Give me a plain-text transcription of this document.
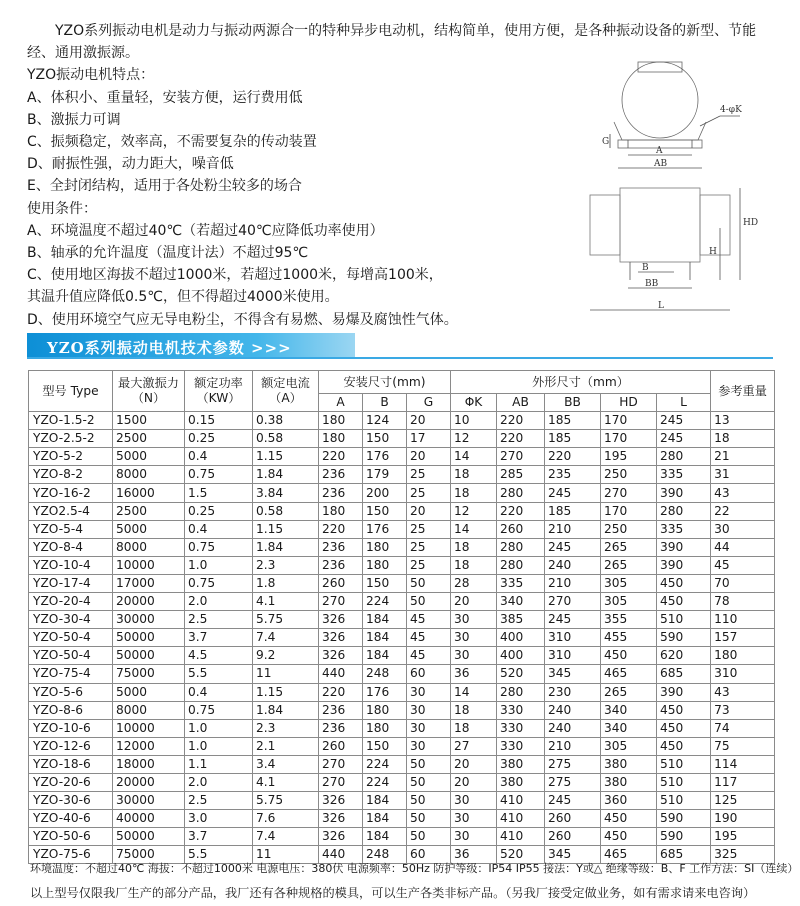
YZO系列振动电机是动力与振动两源合一的特种异步电动机，结构简单，使用方便，是各种振动设备的新型、节能经、通用激振源。
YZO振动电机特点：
A、体积小、重量轻，安装方便，运行费用低
B、激振力可调
C、振频稳定，效率高，不需要复杂的传动装置
D、耐振性强，动力距大，噪音低
E、全封闭结构，适用于各处粉尘较多的场合
使用条件：
A、环境温度不超过40℃（若超过40℃应降低功率使用）
B、轴承的允许温度（温度计法）不超过95℃
C、使用地区海拔不超过1000米，若超过1000米，每增高100米，
其温升值应降低0.5℃，但不得超过4000米使用。
D、使用环境空气应无导电粉尘，不得含有易燃、易爆及腐蚀性气体。
G
A
AB
4-φK
HD
H
B
BB
L
YZO系列振动电机技术参数 >>>
型号 Type	最大激振力（N）	额定功率（KW）	额定电流（A）	安装尺寸(mm)			外形尺寸（mm）					参考重量
				A	B	G	ΦK	AB	BB	HD	L	
YZO-1.5-2	1500	0.15	0.38	180	124	20	10	220	185	170	245	13
YZO-2.5-2	2500	0.25	0.58	180	150	17	12	220	185	170	245	18
YZO-5-2	5000	0.4	1.15	220	176	20	14	270	220	195	280	21
YZO-8-2	8000	0.75	1.84	236	179	25	18	285	235	250	335	31
YZO-16-2	16000	1.5	3.84	236	200	25	18	280	245	270	390	43
YZO2.5-4	2500	0.25	0.58	180	150	20	12	220	185	170	280	22
YZO-5-4	5000	0.4	1.15	220	176	25	14	260	210	250	335	30
YZO-8-4	8000	0.75	1.84	236	180	25	18	280	245	265	390	44
YZO-10-4	10000	1.0	2.3	236	180	25	18	280	240	265	390	45
YZO-17-4	17000	0.75	1.8	260	150	50	28	335	210	305	450	70
YZO-20-4	20000	2.0	4.1	270	224	50	20	340	270	305	450	78
YZO-30-4	30000	2.5	5.75	326	184	45	30	385	245	355	510	110
YZO-50-4	50000	3.7	7.4	326	184	45	30	400	310	455	590	157
YZO-50-4	50000	4.5	9.2	326	184	45	30	400	310	450	620	180
YZO-75-4	75000	5.5	11	440	248	60	36	520	345	465	685	310
YZO-5-6	5000	0.4	1.15	220	176	30	14	280	230	265	390	43
YZO-8-6	8000	0.75	1.84	236	180	30	18	330	240	340	450	73
YZO-10-6	10000	1.0	2.3	236	180	30	18	330	240	340	450	74
YZO-12-6	12000	1.0	2.1	260	150	30	27	330	210	305	450	75
YZO-18-6	18000	1.1	3.4	270	224	50	20	380	275	380	510	114
YZO-20-6	20000	2.0	4.1	270	224	50	20	380	275	380	510	117
YZO-30-6	30000	2.5	5.75	326	184	50	30	410	245	360	510	125
YZO-40-6	40000	3.0	7.6	326	184	50	30	410	260	450	590	190
YZO-50-6	50000	3.7	7.4	326	184	50	30	410	260	450	590	195
YZO-75-6	75000	5.5	11	440	248	60	36	520	345	465	685	325
环境温度：不超过40℃ 海拔：不超过1000米 电源电压：380伏 电源频率：50Hz 防护等级：IP54 IP55 接法：Y或△ 绝缘等级：B、F 工作方法：SI（连续）
以上型号仅限我厂生产的部分产品，我厂还有各种规格的模具，可以生产各类非标产品。（另我厂接受定做业务，如有需求请来电咨询）
